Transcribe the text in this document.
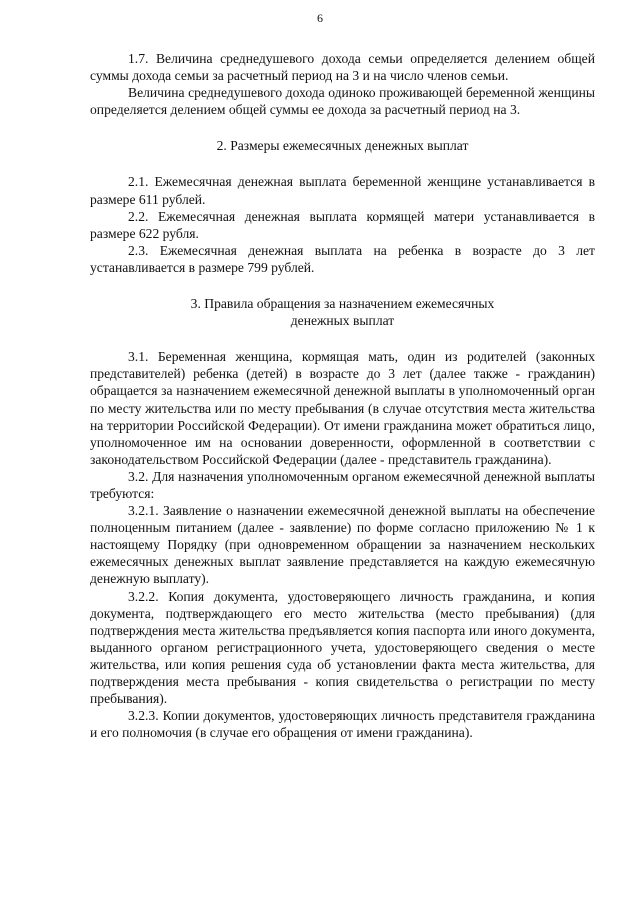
6

1.7. Величина среднедушевого дохода семьи определяется делением общей суммы дохода семьи за расчетный период на 3 и на число членов семьи.

Величина среднедушевого дохода одиноко проживающей беременной женщины определяется делением общей суммы ее дохода за расчетный период на 3.

2. Размеры ежемесячных денежных выплат

2.1. Ежемесячная денежная выплата беременной женщине устанавливается в размере 611 рублей.

2.2. Ежемесячная денежная выплата кормящей матери устанавливается в размере 622 рубля.

2.3. Ежемесячная денежная выплата на ребенка в возрасте до 3 лет устанавливается в размере 799 рублей.

3. Правила обращения за назначением ежемесячных
денежных выплат

3.1. Беременная женщина, кормящая мать, один из родителей (законных представителей) ребенка (детей) в возрасте до 3 лет (далее также - гражданин) обращается за назначением ежемесячной денежной выплаты в уполномоченный орган по месту жительства или по месту пребывания (в случае отсутствия места жительства на территории Российской Федерации). От имени гражданина может обратиться лицо, уполномоченное им на основании доверенности, оформленной в соответствии с законодательством Российской Федерации (далее - представитель гражданина).

3.2. Для назначения уполномоченным органом ежемесячной денежной выплаты требуются:

3.2.1. Заявление о назначении ежемесячной денежной выплаты на обеспечение полноценным питанием (далее - заявление) по форме согласно приложению № 1 к настоящему Порядку (при одновременном обращении за назначением нескольких ежемесячных денежных выплат заявление представляется на каждую ежемесячную денежную выплату).

3.2.2. Копия документа, удостоверяющего личность гражданина, и копия документа, подтверждающего его место жительства (место пребывания) (для подтверждения места жительства предъявляется копия паспорта или иного документа, выданного органом регистрационного учета, удостоверяющего сведения о месте жительства, или копия решения суда об установлении факта места жительства, для подтверждения места пребывания - копия свидетельства о регистрации по месту пребывания).

3.2.3. Копии документов, удостоверяющих личность представителя гражданина и его полномочия (в случае его обращения от имени гражданина).
